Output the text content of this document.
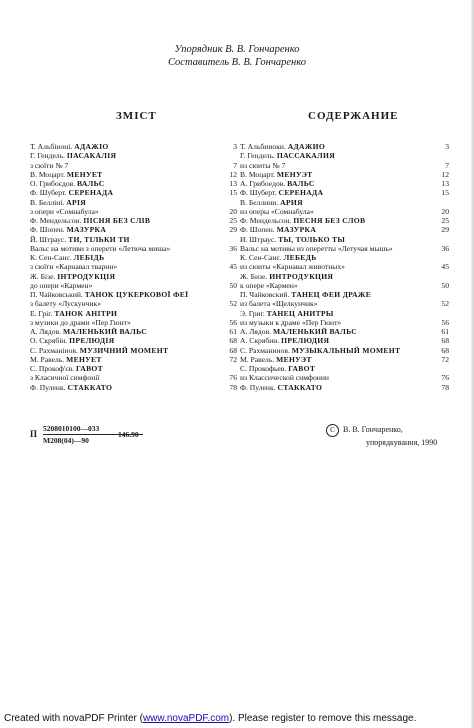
Упорядник В. В. Гончаренко
Составитель В. В. Гончаренко
ЗМІСТ	СОДЕРЖАНИЕ
Т. Альбіноні. АДАЖІО	3
Г. Гендель. ПАСАКАЛІЯ
з сюїти № 7	7
В. Моцарт. МЕНУЕТ	12
О. Грибоєдов. ВАЛЬС	13
Ф. Шуберт. СЕРЕНАДА	15
В. Белліні. АРІЯ
з опери «Сомнабула»	20
Ф. Мендельсон. ПІСНЯ БЕЗ СЛІВ	25
Ф. Шопен. МАЗУРКА	29
Й. Штраус. ТИ, ТІЛЬКИ ТИ
Вальс на мотиви з оперети «Летюча миша»	36
К. Сен-Санс. ЛЕБІДЬ
з сюїти «Карнавал тварин»	45
Ж. Бізе. ІНТРОДУКЦІЯ
до опери «Кармен»	50
П. Чайковський. ТАНОК ЦУКЕРКОВОЇ ФЕЇ
з балету «Лускунчик»	52
Е. Гріг. ТАНОК АНІТРИ
з музики до драми «Пер Гюнт»	56
А. Лядов. МАЛЕНЬКИЙ ВАЛЬС	61
О. Скрябін. ПРЕЛЮДІЯ	68
С. Рахманінов. МУЗИЧНИЙ МОМЕНТ	68
М. Равель. МЕНУЕТ	72
С. Прокоф'єв. ГАВОТ
з Класичної симфонії	76
Ф. Пуленк. СТАККАТО	78
Т. Альбиноки. АДАЖИО	3
Г. Гендель. ПАССАКАЛИЯ
из сюиты № 7	7
В. Моцарт. МЕНУЭТ	12
А. Грибоедов. ВАЛЬС	13
Ф. Шуберт. СЕРЕНАДА	15
В. Беллини. АРИЯ
из оперы «Сомнабула»	20
Ф. Мендельсон. ПЕСНЯ БЕЗ СЛОВ	25
Ф. Шопен. МАЗУРКА	29
И. Штраус. ТЫ, ТОЛЬКО ТЫ
Вальс на мотивы из оперетты «Летучая мышь»	36
К. Сен-Санс. ЛЕБЕДЬ
из сюиты «Карнавал животных»	45
Ж. Бизе. ИНТРОДУКЦИЯ
к опере «Кармен»	50
П. Чайковский. ТАНЕЦ ФЕИ ДРАЖЕ
из балета «Щелкунчик»	52
Э. Григ. ТАНЕЦ АНИТРЫ
из музыки к драме «Пер Гюнт»	56
А. Лядов. МАЛЕНЬКИЙ ВАЛЬС	61
А. Скрябин. ПРЕЛЮДИЯ	68
С. Рахманинов. МУЗЫКАЛЬНЫЙ МОМЕНТ	68
М. Равель. МЕНУЭТ	72
С. Прокофьев. ГАВОТ
из Классической симфонии	76
Ф. Пуленк. СТАККАТО	78
П
5208010100—033
М208(04)—90
146.90	C В. В. Гончаренко,
упорядкування, 1990
Created with novaPDF Printer (www.novaPDF.com). Please register to remove this message.
